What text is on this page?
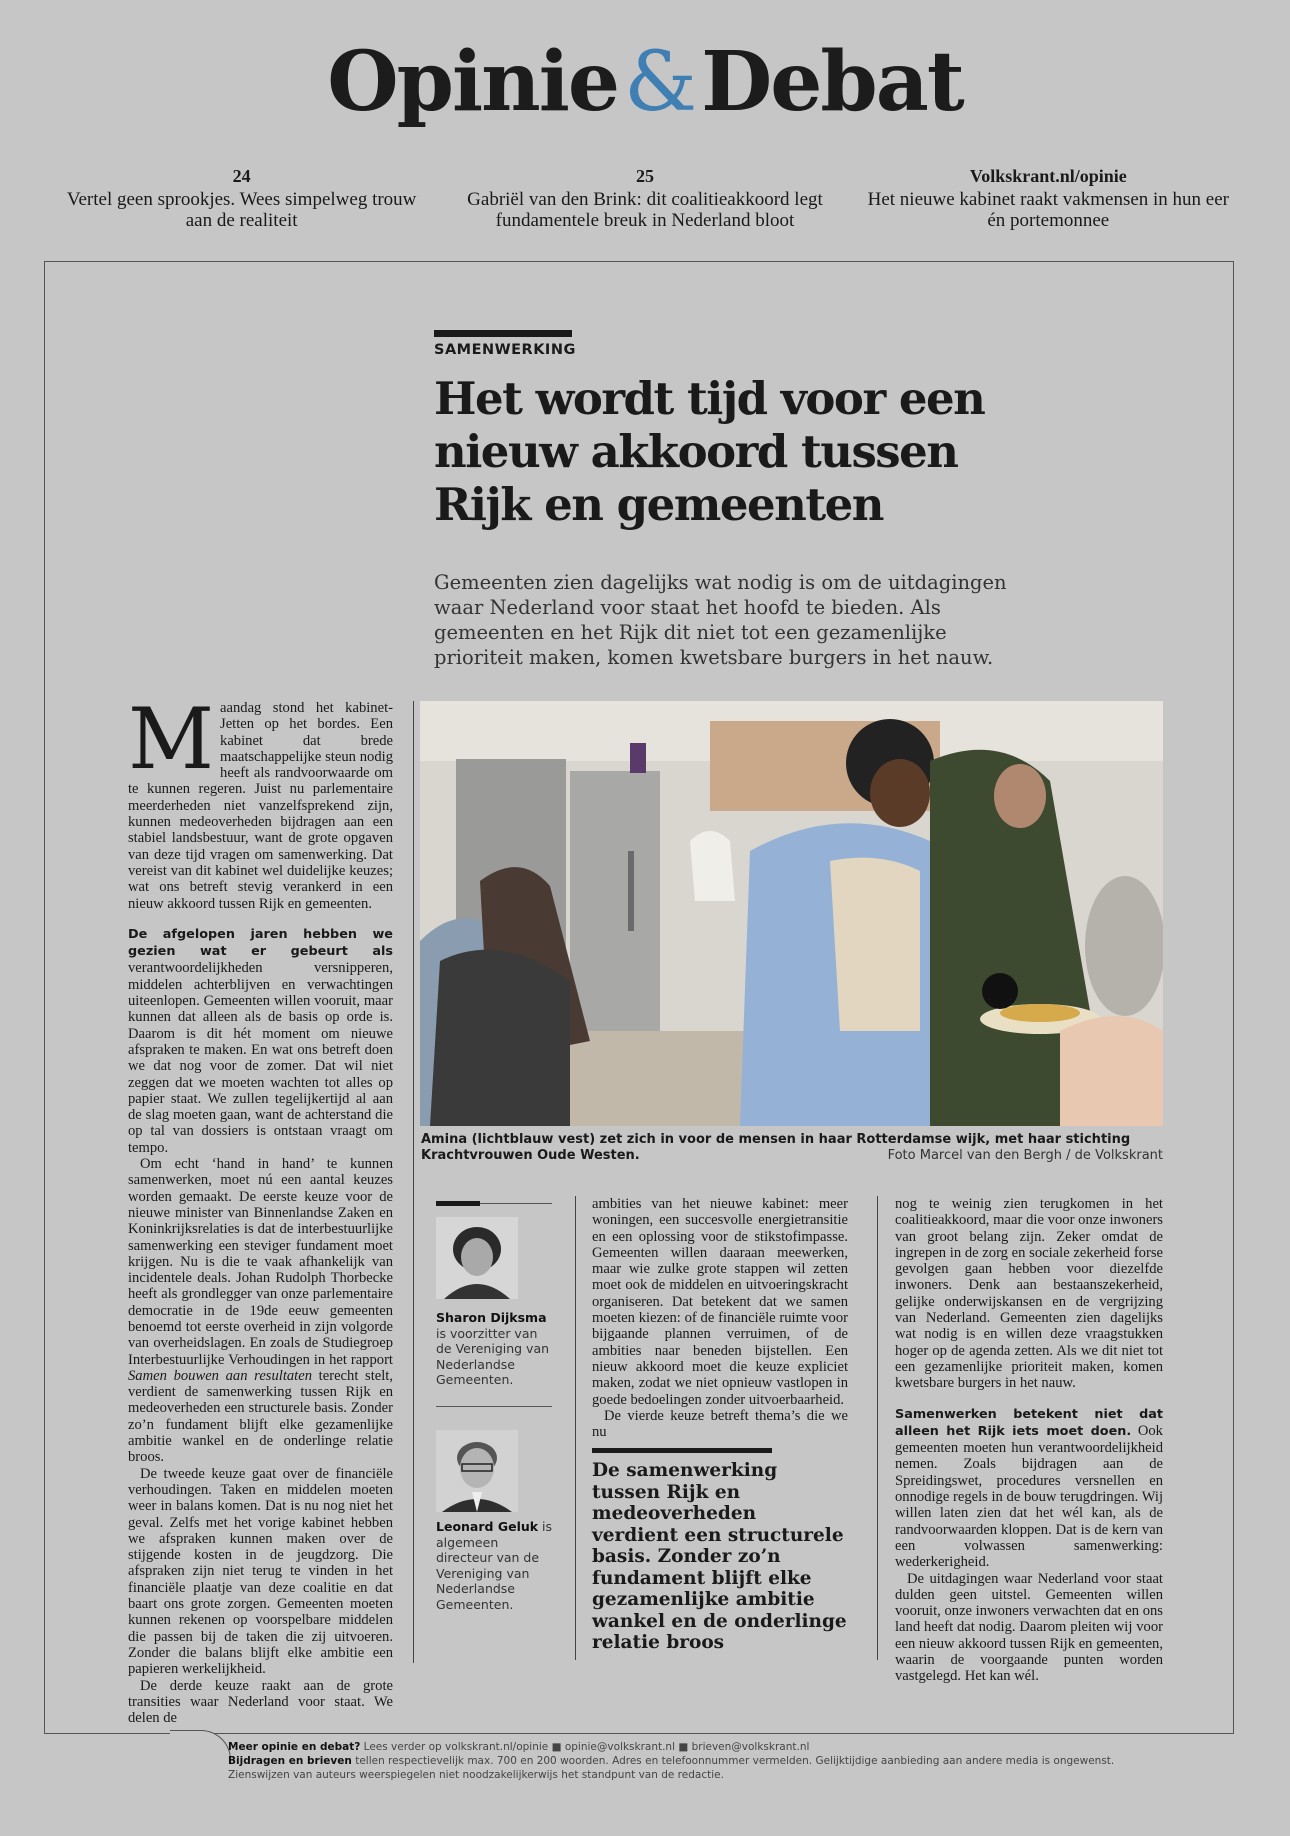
Opinie&Debat
24
Vertel geen sprookjes. Wees simpelweg trouw aan de realiteit
25
Gabriël van den Brink: dit coalitieakkoord legt fundamentele breuk in Nederland bloot
Volkskrant.nl/opinie
Het nieuwe kabinet raakt vakmensen in hun eer én portemonnee
SAMENWERKING
Het wordt tijd voor een nieuw akkoord tussen Rijk en gemeenten

Gemeenten zien dagelijks wat nodig is om de uitdagingen waar Nederland voor staat het hoofd te bieden. Als gemeenten en het Rijk dit niet tot een gezamenlijke prioriteit maken, komen kwetsbare burgers in het nauw.

Maandag stond het kabinet-Jetten op het bordes. Een kabinet dat brede maatschappelijke steun nodig heeft als randvoorwaarde om te kunnen regeren. Juist nu parlementaire meerderheden niet vanzelfsprekend zijn, kunnen medeoverheden bijdragen aan een stabiel landsbestuur, want de grote opgaven van deze tijd vragen om samenwerking. Dat vereist van dit kabinet wel duidelijke keuzes; wat ons betreft stevig verankerd in een nieuw akkoord tussen Rijk en gemeenten.

De afgelopen jaren hebben we gezien wat er gebeurt als verantwoordelijkheden versnipperen, middelen achterblijven en verwachtingen uiteenlopen. Gemeenten willen vooruit, maar kunnen dat alleen als de basis op orde is. Daarom is dit hét moment om nieuwe afspraken te maken. En wat ons betreft doen we dat nog voor de zomer. Dat wil niet zeggen dat we moeten wachten tot alles op papier staat. We zullen tegelijkertijd al aan de slag moeten gaan, want de achterstand die op tal van dossiers is ontstaan vraagt om tempo.

Om echt ‘hand in hand’ te kunnen samenwerken, moet nú een aantal keuzes worden gemaakt. De eerste keuze voor de nieuwe minister van Binnenlandse Zaken en Koninkrijksrelaties is dat de interbestuurlijke samenwerking een steviger fundament moet krijgen. Nu is die te vaak afhankelijk van incidentele deals. Johan Rudolph Thorbecke heeft als grondlegger van onze parlementaire democratie in de 19de eeuw gemeenten benoemd tot eerste overheid in zijn volgorde van overheidslagen. En zoals de Studiegroep Interbestuurlijke Verhoudingen in het rapport Samen bouwen aan resultaten terecht stelt, verdient de samenwerking tussen Rijk en medeoverheden een structurele basis. Zonder zo’n fundament blijft elke gezamenlijke ambitie wankel en de onderlinge relatie broos.

De tweede keuze gaat over de financiële verhoudingen. Taken en middelen moeten weer in balans komen. Dat is nu nog niet het geval. Zelfs met het vorige kabinet hebben we afspraken kunnen maken over de stijgende kosten in de jeugdzorg. Die afspraken zijn niet terug te vinden in het financiële plaatje van deze coalitie en dat baart ons grote zorgen. Gemeenten moeten kunnen rekenen op voorspelbare middelen die passen bij de taken die zij uitvoeren. Zonder die balans blijft elke ambitie een papieren werkelijkheid.

De derde keuze raakt aan de grote transities waar Nederland voor staat. We delen de

Amina (lichtblauw vest) zet zich in voor de mensen in haar Rotterdamse wijk, met haar stichting Krachtvrouwen Oude Westen.	Foto Marcel van den Bergh / de Volkskrant
Sharon Dijksma is voorzitter van de Vereniging van Nederlandse Gemeenten.
Leonard Geluk is algemeen directeur van de Vereniging van Nederlandse Gemeenten.

ambities van het nieuwe kabinet: meer woningen, een succesvolle energietransitie en een oplossing voor de stikstofimpasse. Gemeenten willen daaraan meewerken, maar wie zulke grote stappen wil zetten moet ook de middelen en uitvoeringskracht organiseren. Dat betekent dat we samen moeten kiezen: of de financiële ruimte voor bijgaande plannen verruimen, of de ambities naar beneden bijstellen. Een nieuw akkoord moet die keuze expliciet maken, zodat we niet opnieuw vastlopen in goede bedoelingen zonder uitvoerbaarheid.

De vierde keuze betreft thema’s die we nu

De samenwerking tussen Rijk en medeoverheden verdient een structurele basis. Zonder zo’n fundament blijft elke gezamenlijke ambitie wankel en de onderlinge relatie broos

nog te weinig zien terugkomen in het coalitieakkoord, maar die voor onze inwoners van groot belang zijn. Zeker omdat de ingrepen in de zorg en sociale zekerheid forse gevolgen gaan hebben voor diezelfde inwoners. Denk aan bestaanszekerheid, gelijke onderwijskansen en de vergrijzing van Nederland. Gemeenten zien dagelijks wat nodig is en willen deze vraagstukken hoger op de agenda zetten. Als we dit niet tot een gezamenlijke prioriteit maken, komen kwetsbare burgers in het nauw.

Samenwerken betekent niet dat alleen het Rijk iets moet doen. Ook gemeenten moeten hun verantwoordelijkheid nemen. Zoals bijdragen aan de Spreidingswet, procedures versnellen en onnodige regels in de bouw terugdringen. Wij willen laten zien dat het wél kan, als de randvoorwaarden kloppen. Dat is de kern van een volwassen samenwerking: wederkerigheid.

De uitdagingen waar Nederland voor staat dulden geen uitstel. Gemeenten willen vooruit, onze inwoners verwachten dat en ons land heeft dat nodig. Daarom pleiten wij voor een nieuw akkoord tussen Rijk en gemeenten, waarin de voorgaande punten worden vastgelegd. Het kan wél.

Meer opinie en debat? Lees verder op volkskrant.nl/opinie ■ opinie@volkskrant.nl ■ brieven@volkskrant.nl
Bijdragen en brieven tellen respectievelijk max. 700 en 200 woorden. Adres en telefoonnummer vermelden. Gelijktijdige aanbieding aan andere media is ongewenst.
Zienswijzen van auteurs weerspiegelen niet noodzakelijkerwijs het standpunt van de redactie.
